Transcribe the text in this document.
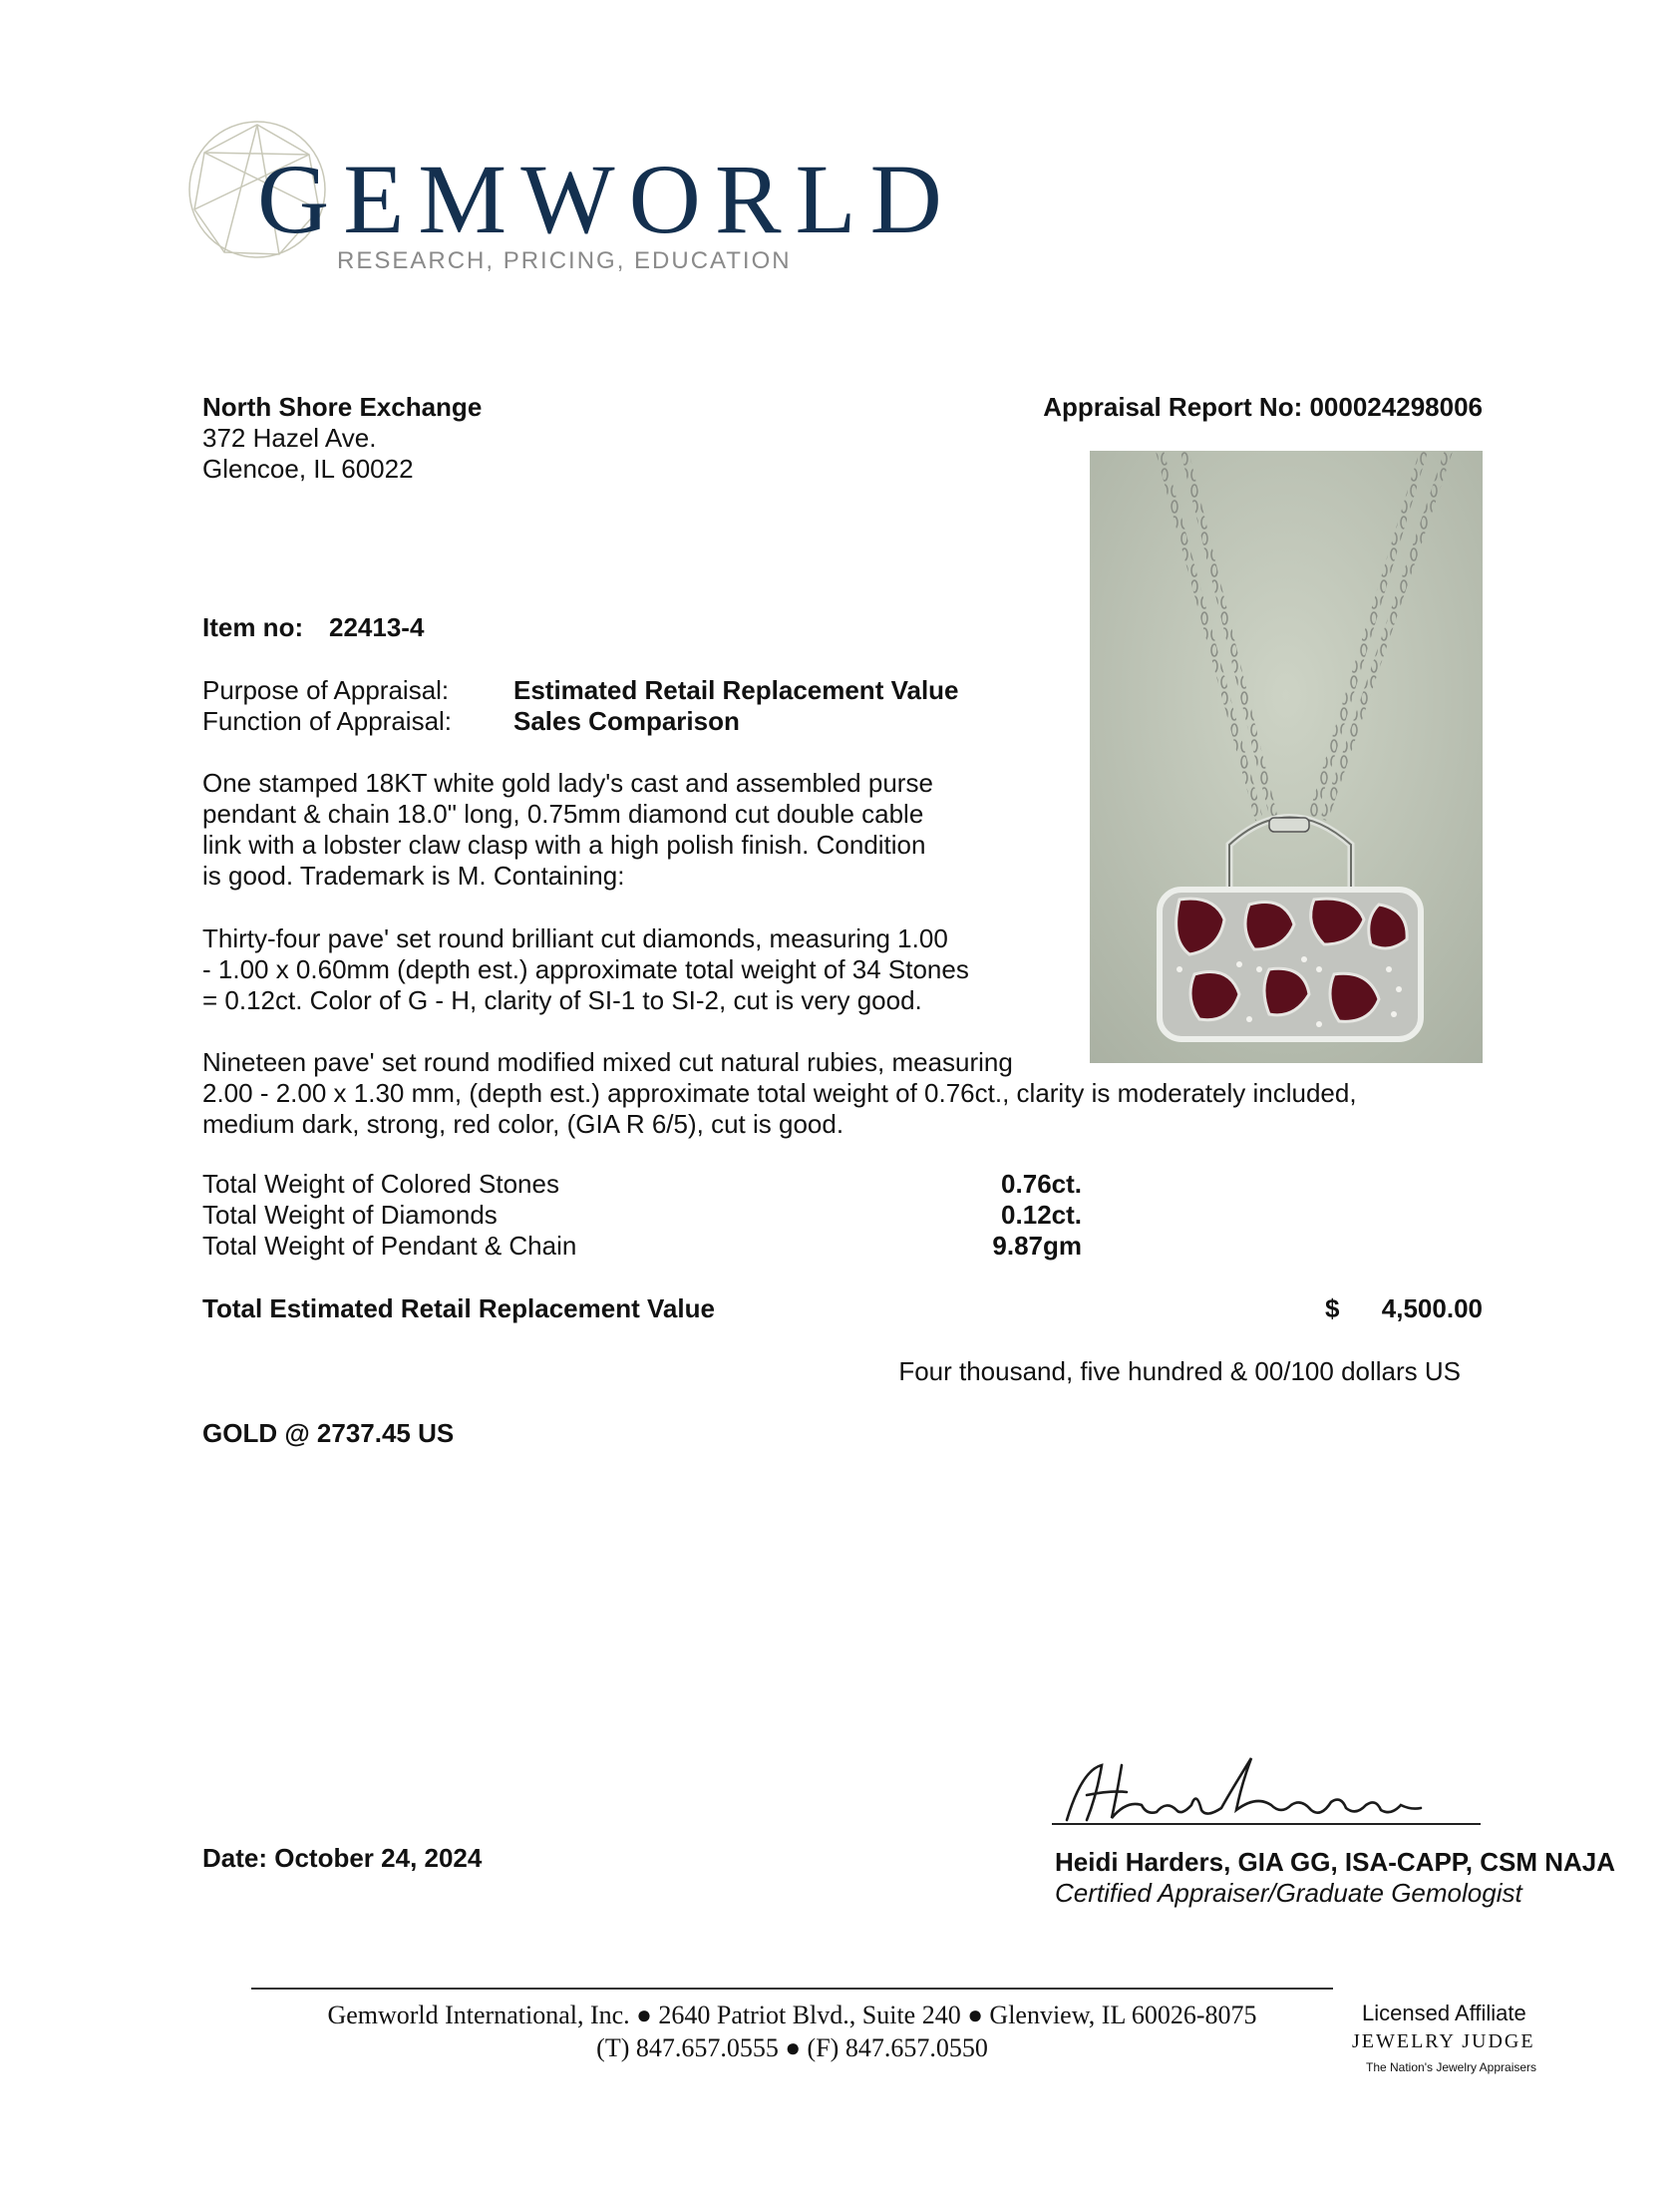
GEMWORLD
RESEARCH, PRICING, EDUCATION
North Shore Exchange
372 Hazel Ave.
Glencoe, IL 60022
Appraisal Report No: 000024298006
Item no: 22413-4
Purpose of Appraisal: Estimated Retail Replacement Value
Function of Appraisal: Sales Comparison
One stamped 18KT white gold lady's cast and assembled purse
pendant & chain 18.0" long, 0.75mm diamond cut double cable
link with a lobster claw clasp with a high polish finish. Condition
is good. Trademark is M. Containing:
Thirty-four pave' set round brilliant cut diamonds, measuring 1.00
- 1.00 x 0.60mm (depth est.) approximate total weight of 34 Stones
= 0.12ct. Color of G - H, clarity of SI-1 to SI-2, cut is very good.
Nineteen pave' set round modified mixed cut natural rubies, measuring
2.00 - 2.00 x 1.30 mm, (depth est.) approximate total weight of 0.76ct., clarity is moderately included,
medium dark, strong, red color, (GIA R 6/5), cut is good.
Total Weight of Colored Stones	0.76ct.
Total Weight of Diamonds	0.12ct.
Total Weight of Pendant & Chain	9.87gm
Total Estimated Retail Replacement Value	$ 4,500.00
Four thousand, five hundred & 00/100 dollars US
GOLD @ 2737.45 US
Date: October 24, 2024	Heidi Harders, GIA GG, ISA-CAPP, CSM NAJA
Certified Appraiser/Graduate Gemologist
Gemworld International, Inc. ● 2640 Patriot Blvd., Suite 240 ● Glenview, IL 60026-8075
(T) 847.657.0555 ● (F) 847.657.0550
Licensed Affiliate
JEWELRY JUDGE
The Nation's Jewelry Appraisers
